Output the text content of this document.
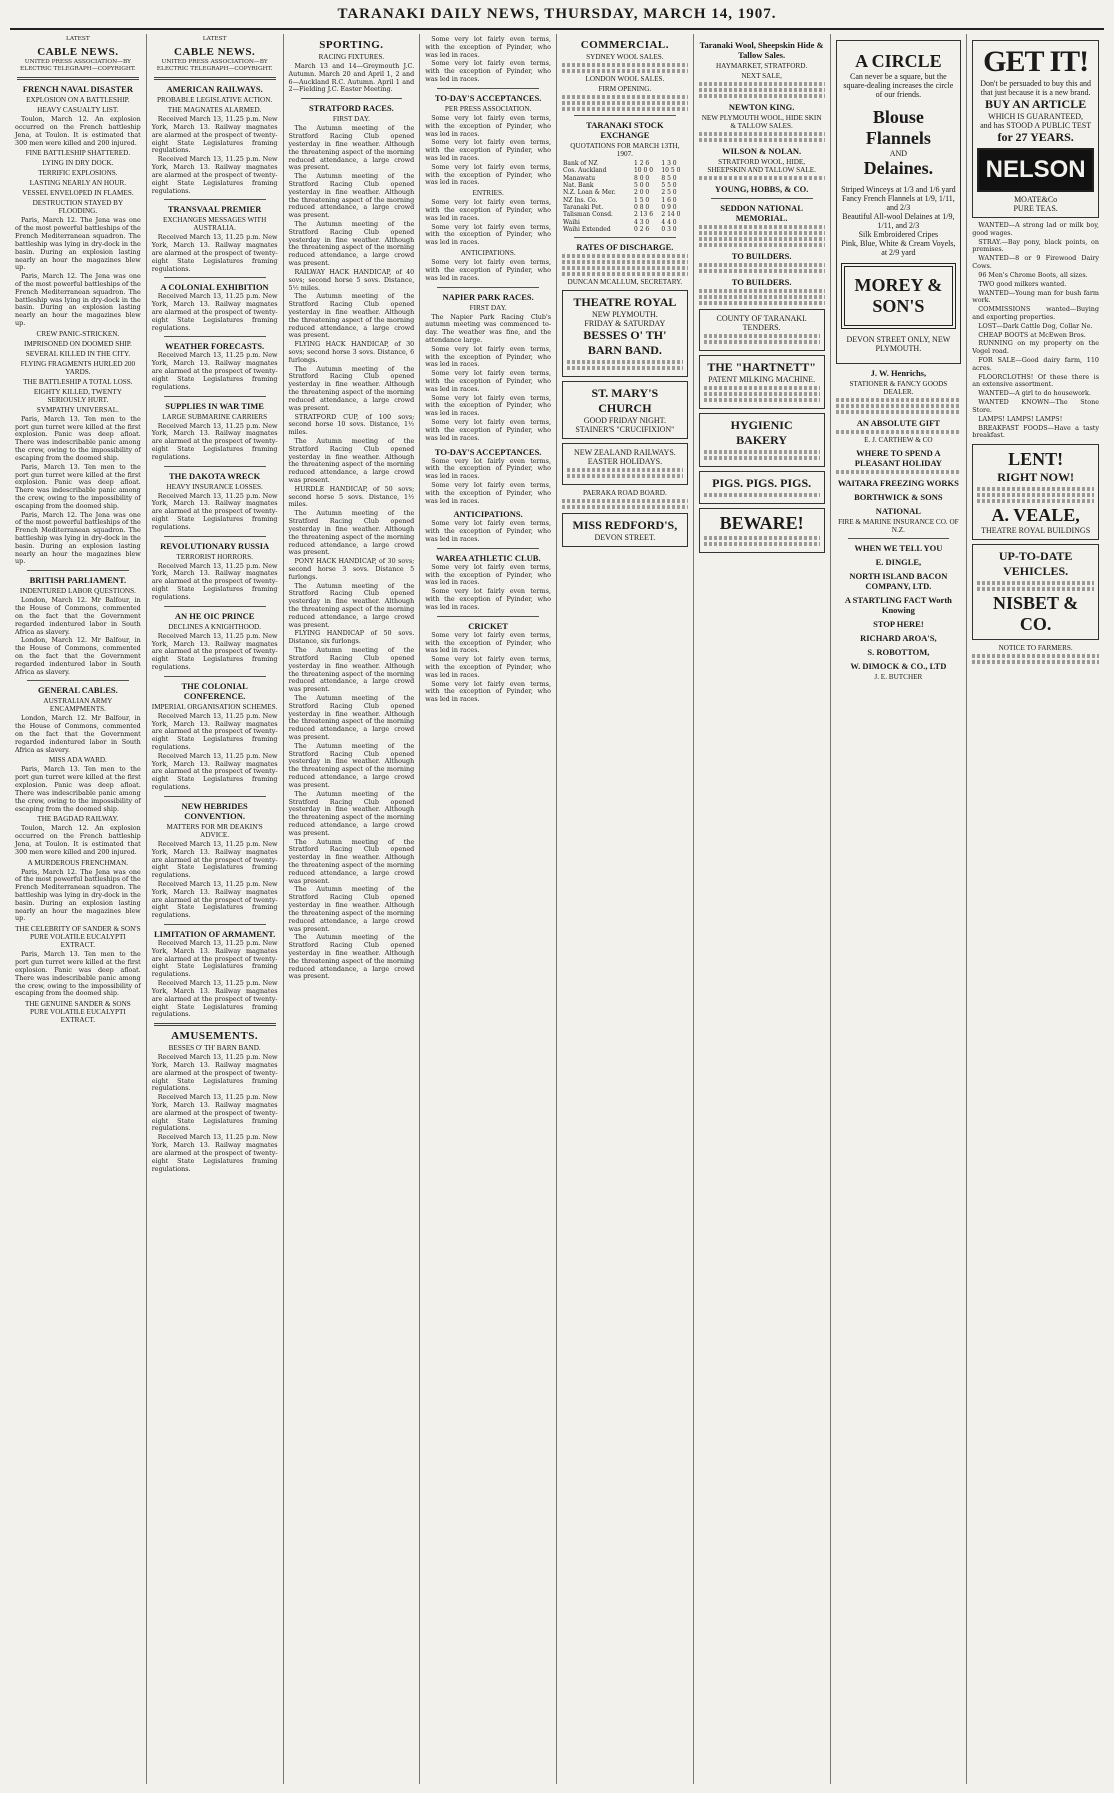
TARANAKI DAILY NEWS, THURSDAY, MARCH 14, 1907.
LATEST
CABLE NEWS.
UNITED PRESS ASSOCIATION—BY ELECTRIC TELEGRAPH—COPYRIGHT.
FRENCH NAVAL DISASTER
EXPLOSION ON A BATTLESHIP.
HEAVY CASUALTY LIST.

Toulon, March 12. An explosion occurred on the French battleship Jena, at Toulon. It is estimated that 300 men were killed and 200 injured.

FINE BATTLESHIP SHATTERED.
LYING IN DRY DOCK.
TERRIFIC EXPLOSIONS.
LASTING NEARLY AN HOUR.
VESSEL ENVELOPED IN FLAMES.
DESTRUCTION STAYED BY FLOODING.

Paris, March 12. The Jena was one of the most powerful battleships of the French Mediterranean squadron. The battleship was lying in dry-dock in the basin. During an explosion lasting nearly an hour the magazines blew up.

Paris, March 12. The Jena was one of the most powerful battleships of the French Mediterranean squadron. The battleship was lying in dry-dock in the basin. During an explosion lasting nearly an hour the magazines blew up.

CREW PANIC-STRICKEN.
IMPRISONED ON DOOMED SHIP.
SEVERAL KILLED IN THE CITY.
FLYING FRAGMENTS HURLED 200 YARDS.
THE BATTLESHIP A TOTAL LOSS.
EIGHTY KILLED, TWENTY SERIOUSLY HURT.
SYMPATHY UNIVERSAL.

Paris, March 13. Ten men to the port gun turret were killed at the first explosion. Panic was deep afloat. There was indescribable panic among the crew, owing to the impossibility of escaping from the doomed ship.

Paris, March 13. Ten men to the port gun turret were killed at the first explosion. Panic was deep afloat. There was indescribable panic among the crew, owing to the impossibility of escaping from the doomed ship.

Paris, March 12. The Jena was one of the most powerful battleships of the French Mediterranean squadron. The battleship was lying in dry-dock in the basin. During an explosion lasting nearly an hour the magazines blew up.

BRITISH PARLIAMENT.
INDENTURED LABOR QUESTIONS.

London, March 12. Mr Balfour, in the House of Commons, commented on the fact that the Government regarded indentured labor in South Africa as slavery.

London, March 12. Mr Balfour, in the House of Commons, commented on the fact that the Government regarded indentured labor in South Africa as slavery.

GENERAL CABLES.
AUSTRALIAN ARMY ENCAMPMENTS.

London, March 12. Mr Balfour, in the House of Commons, commented on the fact that the Government regarded indentured labor in South Africa as slavery.

MISS ADA WARD.

Paris, March 13. Ten men to the port gun turret were killed at the first explosion. Panic was deep afloat. There was indescribable panic among the crew, owing to the impossibility of escaping from the doomed ship.

THE BAGDAD RAILWAY.

Toulon, March 12. An explosion occurred on the French battleship Jena, at Toulon. It is estimated that 300 men were killed and 200 injured.

A MURDEROUS FRENCHMAN.

Paris, March 12. The Jena was one of the most powerful battleships of the French Mediterranean squadron. The battleship was lying in dry-dock in the basin. During an explosion lasting nearly an hour the magazines blew up.

THE CELEBRITY OF SANDER & SON'S PURE VOLATILE EUCALYPTI EXTRACT.

Paris, March 13. Ten men to the port gun turret were killed at the first explosion. Panic was deep afloat. There was indescribable panic among the crew, owing to the impossibility of escaping from the doomed ship.

THE GENUINE SANDER & SONS PURE VOLATILE EUCALYPTI EXTRACT.
LATEST
CABLE NEWS.
UNITED PRESS ASSOCIATION—BY ELECTRIC TELEGRAPH—COPYRIGHT.
AMERICAN RAILWAYS.
PROBABLE LEGISLATIVE ACTION.
THE MAGNATES ALARMED.

Received March 13, 11.25 p.m. New York, March 13. Railway magnates are alarmed at the prospect of twenty-eight State Legislatures framing regulations.

Received March 13, 11.25 p.m. New York, March 13. Railway magnates are alarmed at the prospect of twenty-eight State Legislatures framing regulations.

TRANSVAAL PREMIER
EXCHANGES MESSAGES WITH AUSTRALIA.

Received March 13, 11.25 p.m. New York, March 13. Railway magnates are alarmed at the prospect of twenty-eight State Legislatures framing regulations.

A COLONIAL EXHIBITION

Received March 13, 11.25 p.m. New York, March 13. Railway magnates are alarmed at the prospect of twenty-eight State Legislatures framing regulations.

WEATHER FORECASTS.

Received March 13, 11.25 p.m. New York, March 13. Railway magnates are alarmed at the prospect of twenty-eight State Legislatures framing regulations.

SUPPLIES IN WAR TIME
LARGE SUBMARINE CARRIERS

Received March 13, 11.25 p.m. New York, March 13. Railway magnates are alarmed at the prospect of twenty-eight State Legislatures framing regulations.

THE DAKOTA WRECK
HEAVY INSURANCE LOSSES.

Received March 13, 11.25 p.m. New York, March 13. Railway magnates are alarmed at the prospect of twenty-eight State Legislatures framing regulations.

REVOLUTIONARY RUSSIA
TERRORIST HORRORS.

Received March 13, 11.25 p.m. New York, March 13. Railway magnates are alarmed at the prospect of twenty-eight State Legislatures framing regulations.

AN HE OIC PRINCE
DECLINES A KNIGHTHOOD.

Received March 13, 11.25 p.m. New York, March 13. Railway magnates are alarmed at the prospect of twenty-eight State Legislatures framing regulations.

THE COLONIAL CONFERENCE.
IMPERIAL ORGANISATION SCHEMES.

Received March 13, 11.25 p.m. New York, March 13. Railway magnates are alarmed at the prospect of twenty-eight State Legislatures framing regulations.

Received March 13, 11.25 p.m. New York, March 13. Railway magnates are alarmed at the prospect of twenty-eight State Legislatures framing regulations.

NEW HEBRIDES CONVENTION.
MATTERS FOR MR DEAKIN'S ADVICE.

Received March 13, 11.25 p.m. New York, March 13. Railway magnates are alarmed at the prospect of twenty-eight State Legislatures framing regulations.

Received March 13, 11.25 p.m. New York, March 13. Railway magnates are alarmed at the prospect of twenty-eight State Legislatures framing regulations.

LIMITATION OF ARMAMENT.

Received March 13, 11.25 p.m. New York, March 13. Railway magnates are alarmed at the prospect of twenty-eight State Legislatures framing regulations.

Received March 13, 11.25 p.m. New York, March 13. Railway magnates are alarmed at the prospect of twenty-eight State Legislatures framing regulations.

AMUSEMENTS.
BESSES O' TH' BARN BAND.

Received March 13, 11.25 p.m. New York, March 13. Railway magnates are alarmed at the prospect of twenty-eight State Legislatures framing regulations.

Received March 13, 11.25 p.m. New York, March 13. Railway magnates are alarmed at the prospect of twenty-eight State Legislatures framing regulations.

Received March 13, 11.25 p.m. New York, March 13. Railway magnates are alarmed at the prospect of twenty-eight State Legislatures framing regulations.

SPORTING.
RACING FIXTURES.

March 13 and 14—Greymouth J.C. Autumn. March 20 and April 1, 2 and 6—Auckland R.C. Autumn. April 1 and 2—Fielding J.C. Easter Meeting.

STRATFORD RACES.
FIRST DAY.

The Autumn meeting of the Stratford Racing Club opened yesterday in fine weather. Although the threatening aspect of the morning reduced attendance, a large crowd was present.

The Autumn meeting of the Stratford Racing Club opened yesterday in fine weather. Although the threatening aspect of the morning reduced attendance, a large crowd was present.

The Autumn meeting of the Stratford Racing Club opened yesterday in fine weather. Although the threatening aspect of the morning reduced attendance, a large crowd was present.

RAILWAY HACK HANDICAP, of 40 sovs; second horse 5 sovs. Distance, 5½ miles.

The Autumn meeting of the Stratford Racing Club opened yesterday in fine weather. Although the threatening aspect of the morning reduced attendance, a large crowd was present.

FLYING HACK HANDICAP, of 30 sovs; second horse 3 sovs. Distance, 6 furlongs.

The Autumn meeting of the Stratford Racing Club opened yesterday in fine weather. Although the threatening aspect of the morning reduced attendance, a large crowd was present.

STRATFORD CUP, of 100 sovs; second horse 10 sovs. Distance, 1½ miles.

The Autumn meeting of the Stratford Racing Club opened yesterday in fine weather. Although the threatening aspect of the morning reduced attendance, a large crowd was present.

HURDLE HANDICAP, of 50 sovs; second horse 5 sovs. Distance, 1½ miles.

The Autumn meeting of the Stratford Racing Club opened yesterday in fine weather. Although the threatening aspect of the morning reduced attendance, a large crowd was present.

PONY HACK HANDICAP, of 30 sovs; second horse 3 sovs. Distance 5 furlongs.

The Autumn meeting of the Stratford Racing Club opened yesterday in fine weather. Although the threatening aspect of the morning reduced attendance, a large crowd was present.

FLYING HANDICAP of 50 sovs. Distance, six furlongs.

The Autumn meeting of the Stratford Racing Club opened yesterday in fine weather. Although the threatening aspect of the morning reduced attendance, a large crowd was present.

The Autumn meeting of the Stratford Racing Club opened yesterday in fine weather. Although the threatening aspect of the morning reduced attendance, a large crowd was present.

The Autumn meeting of the Stratford Racing Club opened yesterday in fine weather. Although the threatening aspect of the morning reduced attendance, a large crowd was present.

The Autumn meeting of the Stratford Racing Club opened yesterday in fine weather. Although the threatening aspect of the morning reduced attendance, a large crowd was present.

The Autumn meeting of the Stratford Racing Club opened yesterday in fine weather. Although the threatening aspect of the morning reduced attendance, a large crowd was present.

The Autumn meeting of the Stratford Racing Club opened yesterday in fine weather. Although the threatening aspect of the morning reduced attendance, a large crowd was present.

The Autumn meeting of the Stratford Racing Club opened yesterday in fine weather. Although the threatening aspect of the morning reduced attendance, a large crowd was present.

Some very lot fairly even terms, with the exception of Pyinder, who was led in races.

Some very lot fairly even terms, with the exception of Pyinder, who was led in races.

TO-DAY'S ACCEPTANCES.
PER PRESS ASSOCIATION.

Some very lot fairly even terms, with the exception of Pyinder, who was led in races.

Some very lot fairly even terms, with the exception of Pyinder, who was led in races.

Some very lot fairly even terms, with the exception of Pyinder, who was led in races.

ENTRIES.

Some very lot fairly even terms, with the exception of Pyinder, who was led in races.

Some very lot fairly even terms, with the exception of Pyinder, who was led in races.

ANTICIPATIONS.

Some very lot fairly even terms, with the exception of Pyinder, who was led in races.

NAPIER PARK RACES.
FIRST DAY.

The Napier Park Racing Club's autumn meeting was commenced to-day. The weather was fine, and the attendance large.

Some very lot fairly even terms, with the exception of Pyinder, who was led in races.

Some very lot fairly even terms, with the exception of Pyinder, who was led in races.

Some very lot fairly even terms, with the exception of Pyinder, who was led in races.

Some very lot fairly even terms, with the exception of Pyinder, who was led in races.

TO-DAY'S ACCEPTANCES.

Some very lot fairly even terms, with the exception of Pyinder, who was led in races.

Some very lot fairly even terms, with the exception of Pyinder, who was led in races.

ANTICIPATIONS.

Some very lot fairly even terms, with the exception of Pyinder, who was led in races.

WAREA ATHLETIC CLUB.

Some very lot fairly even terms, with the exception of Pyinder, who was led in races.

Some very lot fairly even terms, with the exception of Pyinder, who was led in races.

CRICKET

Some very lot fairly even terms, with the exception of Pyinder, who was led in races.

Some very lot fairly even terms, with the exception of Pyinder, who was led in races.

Some very lot fairly even terms, with the exception of Pyinder, who was led in races.

COMMERCIAL.
SYDNEY WOOL SALES.
LONDON WOOL SALES.
FIRM OPENING.
TARANAKI STOCK EXCHANGE
QUOTATIONS FOR MARCH 13TH, 1907.
Bank of NZ	1 2 6	1 3 0
Cos. Auckland	10 0 0	10 5 0
Manawatu	8 0 0	8 5 0
Nat. Bank	5 0 0	5 5 0
N.Z. Loan & Mer.	2 0 0	2 5 0
NZ Ins. Co.	1 5 0	1 6 0
Taranaki Pet.	0 8 0	0 9 0
Talisman Consd.	2 13 6	2 14 0
Waihi	4 3 0	4 4 0
Waihi Extended	0 2 6	0 3 0
RATES OF DISCHARGE.
DUNCAN MCALLUM, SECRETARY.
THEATRE ROYAL
NEW PLYMOUTH.
FRIDAY & SATURDAY
BESSES O' TH' BARN BAND.
ST. MARY'S CHURCH
GOOD FRIDAY NIGHT.
STAINER'S "CRUCIFIXION"
NEW ZEALAND RAILWAYS.
EASTER HOLIDAYS.
PAERAKA ROAD BOARD.
MISS REDFORD'S,
DEVON STREET.
Taranaki Wool, Sheepskin Hide & Tallow Sales.
HAYMARKET, STRATFORD.
NEXT SALE,
NEWTON KING.
NEW PLYMOUTH WOOL, HIDE SKIN & TALLOW SALES.
WILSON & NOLAN.
STRATFORD WOOL, HIDE, SHEEPSKIN AND TALLOW SALE.
YOUNG, HOBBS, & CO.
SEDDON NATIONAL MEMORIAL.
TO BUILDERS.
TO BUILDERS.
COUNTY OF TARANAKI.
TENDERS.
THE "HARTNETT"
PATENT MILKING MACHINE.
HYGIENIC BAKERY
PIGS. PIGS. PIGS.
BEWARE!
A CIRCLE
Can never be a square, but the square-dealing increases the circle of our friends.
Blouse Flannels
AND
Delaines.
Striped Winceys at 1/3 and 1/6 yard
Fancy French Flannels at 1/9, 1/11, and 2/3
Beautiful All-wool Delaines at 1/9, 1/11, and 2/3
Silk Embroidered Cripes
Pink, Blue, White & Cream Voyels, at 2/9 yard
MOREY & SON'S
DEVON STREET ONLY, NEW PLYMOUTH.
J. W. Henrichs,
STATIONER & FANCY GOODS DEALER.
AN ABSOLUTE GIFT
E. J. CARTHEW & CO
WHERE TO SPEND A PLEASANT HOLIDAY
WAITARA FREEZING WORKS
BORTHWICK & SONS
NATIONAL
FIRE & MARINE INSURANCE CO. OF N.Z.
WHEN WE TELL YOU
E. DINGLE,
NORTH ISLAND BACON COMPANY, LTD.
A STARTLING FACT Worth Knowing
STOP HERE!
RICHARD AROA'S,
S. ROBOTTOM,
W. DIMOCK & CO., LTD
J. E. BUTCHER
GET IT!
Don't be persuaded to buy this and that just because it is a new brand.
BUY AN ARTICLE
WHICH IS GUARANTEED,
and has STOOD A PUBLIC TEST
for 27 YEARS.
NELSON
MOATE&Co
PURE TEAS.

WANTED—A strong lad or milk boy, good wages.

STRAY.—Bay pony, black points, on premises.

WANTED—8 or 9 Firewood Dairy Cows.

96 Men's Chrome Boots, all sizes.

TWO good milkers wanted.

WANTED—Young man for bush farm work.

COMMISSIONS wanted—Buying and exporting properties.

LOST—Dark Cattle Dog, Collar Ne.

CHEAP BOOTS at McEwen Bros.

RUNNING on my property on the Vogel road.

FOR SALE—Good dairy farm, 110 acres.

FLOORCLOTHS! Of these there is an extensive assortment.

WANTED—A girl to do housework.

WANTED KNOWN—The Stone Store.

LAMPS! LAMPS! LAMPS!

BREAKFAST FOODS—Have a tasty breakfast.

LENT!
RIGHT NOW!
A. VEALE,
THEATRE ROYAL BUILDINGS
UP-TO-DATE VEHICLES.
NISBET & CO.
NOTICE TO FARMERS.
